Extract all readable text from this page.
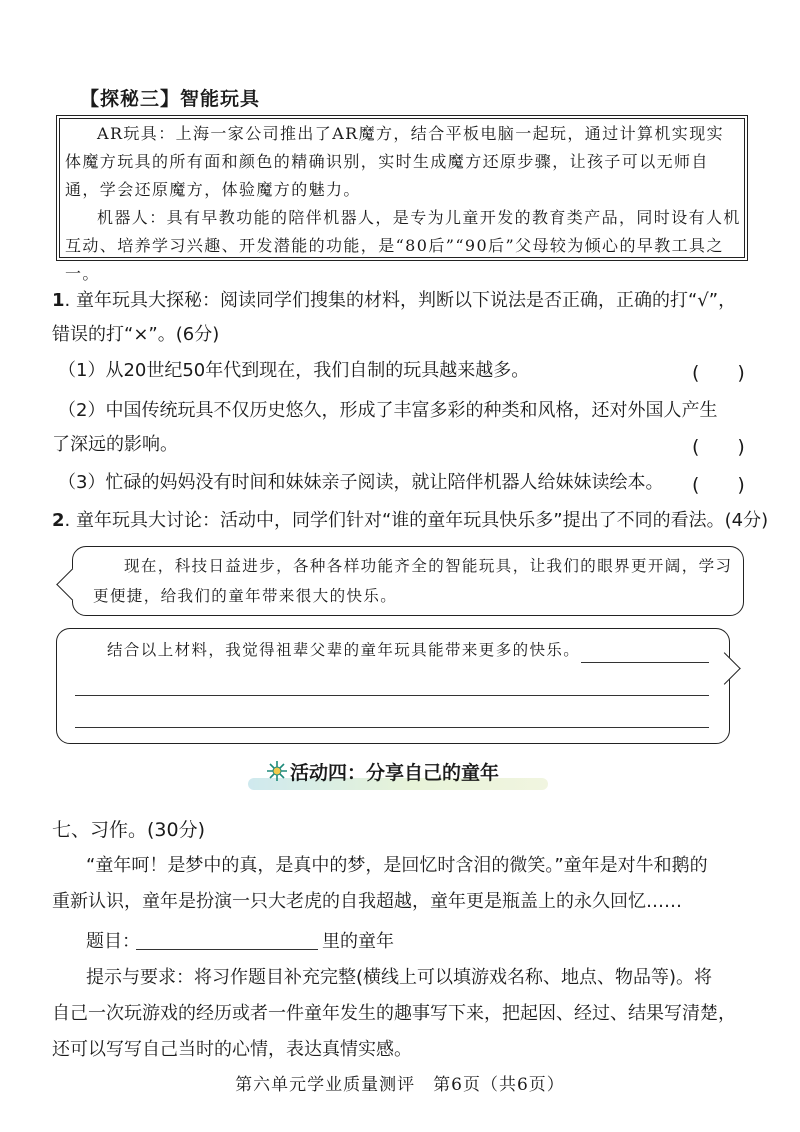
【探秘三】智能玩具

AR玩具：上海一家公司推出了AR魔方，结合平板电脑一起玩，通过计算机实现实体魔方玩具的所有面和颜色的精确识别，实时生成魔方还原步骤，让孩子可以无师自通，学会还原魔方，体验魔方的魅力。

机器人：具有早教功能的陪伴机器人，是专为儿童开发的教育类产品，同时设有人机互动、培养学习兴趣、开发潜能的功能，是“80后”“90后”父母较为倾心的早教工具之一。

1. 童年玩具大探秘：阅读同学们搜集的材料，判断以下说法是否正确，正确的打“√”，

错误的打“×”。(6分)

（1）从20世纪50年代到现在，我们自制的玩具越来越多。	(　　)

（2）中国传统玩具不仅历史悠久，形成了丰富多彩的种类和风格，还对外国人产生

了深远的影响。	(　　)

（3）忙碌的妈妈没有时间和妹妹亲子阅读，就让陪伴机器人给妹妹读绘本。	(　　)

2. 童年玩具大讨论：活动中，同学们针对“谁的童年玩具快乐多”提出了不同的看法。(4分)

现在，科技日益进步，各种各样功能齐全的智能玩具，让我们的眼界更开阔，学习更便捷，给我们的童年带来很大的快乐。

结合以上材料，我觉得祖辈父辈的童年玩具能带来更多的快乐。

活动四：分享自己的童年

七、习作。(30分)

“童年呵！是梦中的真，是真中的梦，是回忆时含泪的微笑。”童年是对牛和鹅的

重新认识，童年是扮演一只大老虎的自我超越，童年更是瓶盖上的永久回忆……

题目：	里的童年

提示与要求：将习作题目补充完整(横线上可以填游戏名称、地点、物品等)。将

自己一次玩游戏的经历或者一件童年发生的趣事写下来，把起因、经过、结果写清楚，

还可以写写自己当时的心情，表达真情实感。

第六单元学业质量测评　第6页（共6页）
